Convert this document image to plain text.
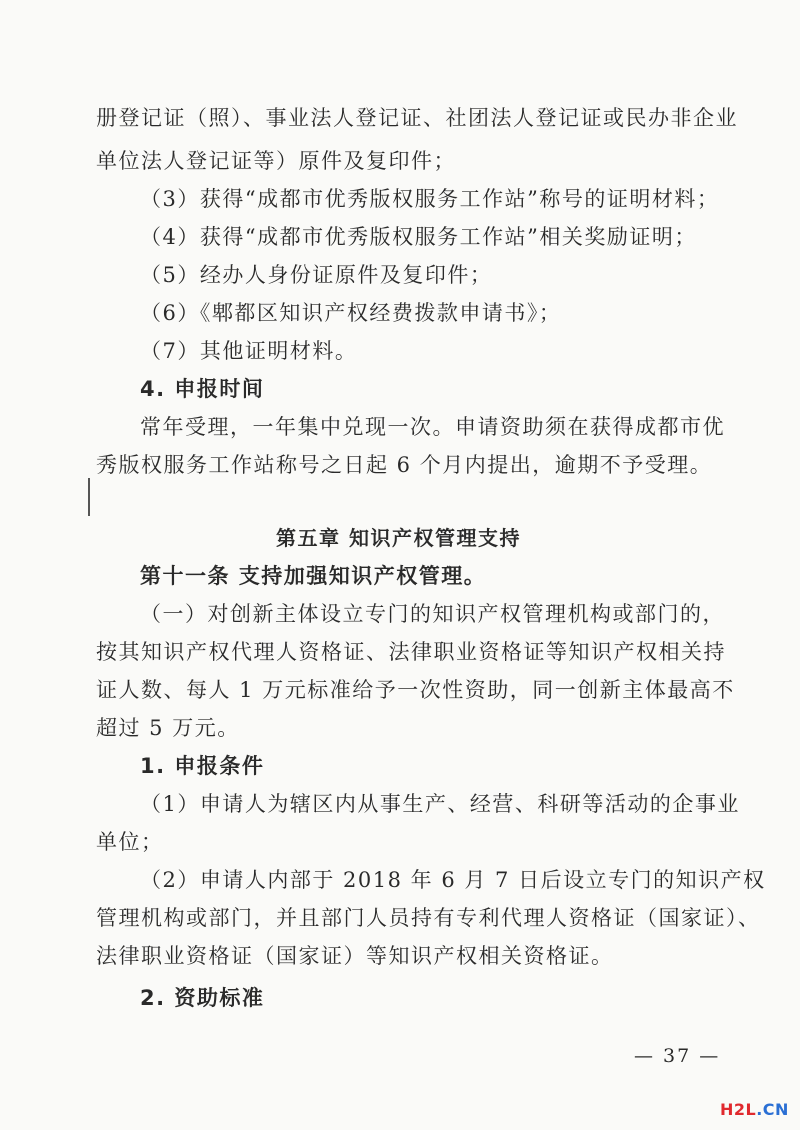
册登记证（照）、事业法人登记证、社团法人登记证或民办非企业
单位法人登记证等）原件及复印件；
（3）获得“成都市优秀版权服务工作站”称号的证明材料；
（4）获得“成都市优秀版权服务工作站”相关奖励证明；
（5）经办人身份证原件及复印件；
（6）《郫都区知识产权经费拨款申请书》；
（7）其他证明材料。
4. 申报时间
常年受理，一年集中兑现一次。申请资助须在获得成都市优
秀版权服务工作站称号之日起 6 个月内提出，逾期不予受理。
第五章 知识产权管理支持
第十一条 支持加强知识产权管理。
（一）对创新主体设立专门的知识产权管理机构或部门的，
按其知识产权代理人资格证、法律职业资格证等知识产权相关持
证人数、每人 1 万元标准给予一次性资助，同一创新主体最高不
超过 5 万元。
1. 申报条件
（1）申请人为辖区内从事生产、经营、科研等活动的企事业
单位；
（2）申请人内部于 2018 年 6 月 7 日后设立专门的知识产权
管理机构或部门，并且部门人员持有专利代理人资格证（国家证）、
法律职业资格证（国家证）等知识产权相关资格证。
2. 资助标准
— 37 —
H2L.CN
